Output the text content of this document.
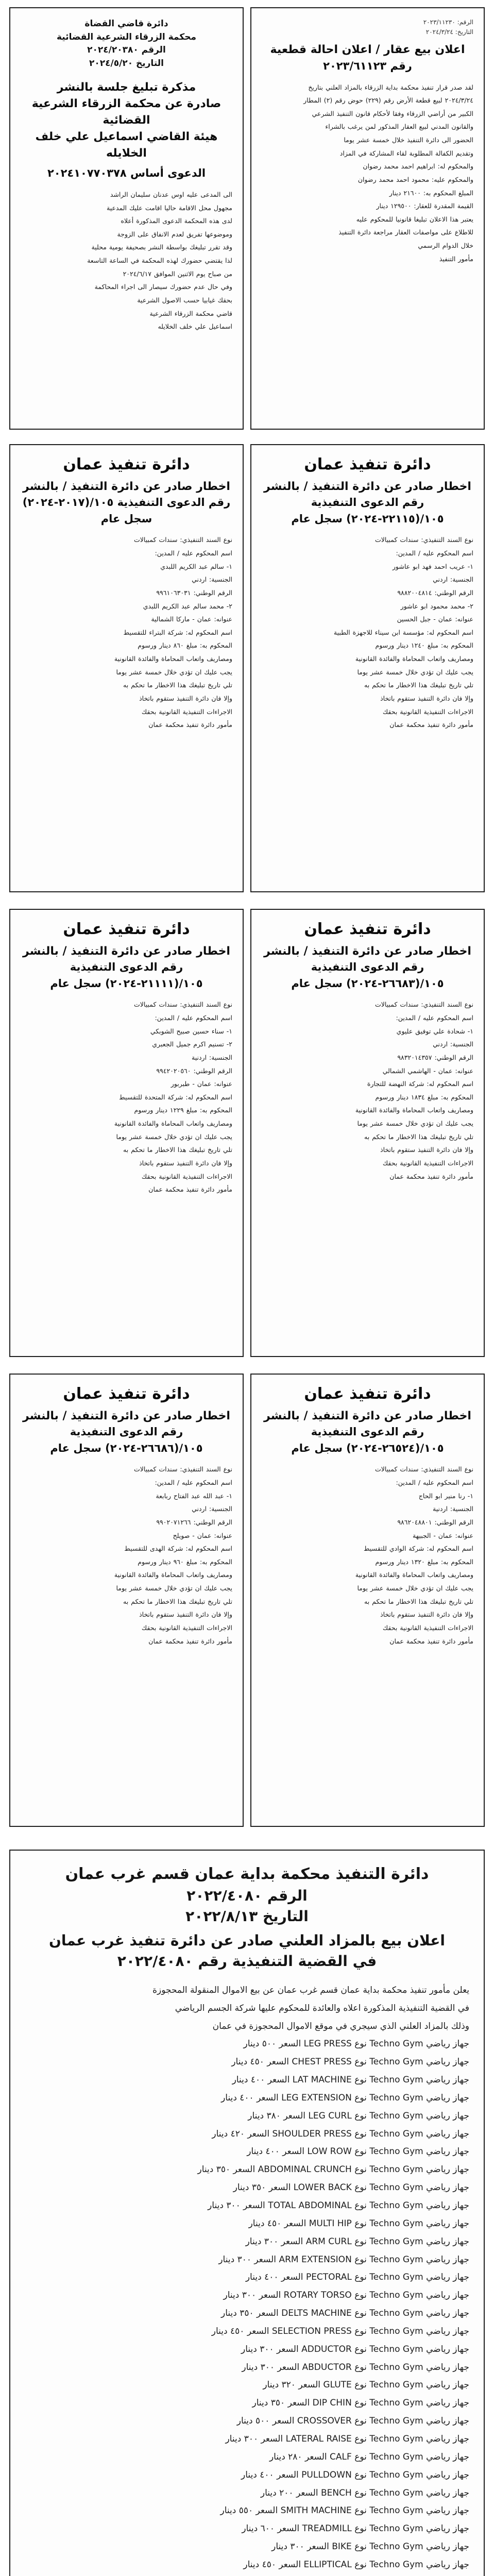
الرقم: ٢٠٢٣/١١٢٣٠
التاريخ: ٢٠٢٤/٣/٢٤
اعلان بيع عقار / اعلان احالة قطعية
رقم ٢٠٢٣/٦١١٢٣
لقد صدر قرار تنفيذ محكمة بداية الزرقاء بالمزاد العلني بتاريخ
٢٠٢٤/٣/٢٤ لبيع قطعة الأرض رقم (٢٢٩) حوض رقم (٢) المطار
الكبير من أراضي الزرقاء وفقا لأحكام قانون التنفيذ الشرعي
والقانون المدني لبيع العقار المذكور لمن يرغب بالشراء
الحضور الى دائرة التنفيذ خلال خمسة عشر يوما
وتقديم الكفالة المطلوبة لقاء المشاركة في المزاد
والمحكوم له: ابراهيم احمد محمد رضوان
والمحكوم عليه: محمود احمد محمد رضوان
المبلغ المحكوم به: ٢١٦٠٠ دينار
القيمة المقدرة للعقار: ١٢٩٥٠٠ دينار
يعتبر هذا الاعلان تبليغا قانونيا للمحكوم عليه
للاطلاع على مواصفات العقار مراجعة دائرة التنفيذ
خلال الدوام الرسمي
مأمور التنفيذ
دائرة قاضي القضاة
محكمة الزرقاء الشرعية القضائية
الرقم ٢٠٢٤/٢٠٣٨٠
التاريخ ٢٠٢٤/٥/٢٠
مذكرة تبليغ جلسة بالنشر
صادرة عن محكمة الزرقاء الشرعية القضائية
هيئة القاضي اسماعيل علي خلف الخلايله
الدعوى أساس ٢٠٢٤١٠٧٧٠٣٧٨
الى المدعى عليه اوس عدنان سليمان الراشد
مجهول محل الاقامة حاليا اقامت عليك المدعية
لدى هذه المحكمة الدعوى المذكورة أعلاه
وموضوعها تفريق لعدم الانفاق على الزوجة
وقد تقرر تبليغك بواسطة النشر بصحيفة يومية محلية
لذا يقتضي حضورك لهذه المحكمة في الساعة التاسعة
من صباح يوم الاثنين الموافق ٢٠٢٤/٦/١٧
وفي حال عدم حضورك سيصار الى اجراء المحاكمة
بحقك غيابيا حسب الاصول الشرعية
قاضي محكمة الزرقاء الشرعية
اسماعيل علي خلف الخلايله
دائرة تنفيذ عمان
اخطار صادر عن دائرة التنفيذ / بالنشر
رقم الدعوى التنفيذية ١٠٥/(٢٢١١٥-٢٠٢٤) سجل عام
نوع السند التنفيذي: سندات كمبيالات
اسم المحكوم عليه / المدين:
١- عريب احمد فهد ابو عاشور
الجنسية: اردني
الرقم الوطني: ٩٨٨٢٠٠٤٨١٤
٢- محمد محمود ابو عاشور
عنوانه: عمان - جبل الحسين
اسم المحكوم له: مؤسسة ابن سيناء للاجهزة الطبية
المحكوم به: مبلغ ١٢٤٠ دينار ورسوم
ومصاريف واتعاب المحاماة والفائدة القانونية
يجب عليك ان تؤدي خلال خمسة عشر يوما
تلي تاريخ تبليغك هذا الاخطار ما تحكم به
وإلا فان دائرة التنفيذ ستقوم باتخاذ
الاجراءات التنفيذية القانونية بحقك
مأمور دائرة تنفيذ محكمة عمان
دائرة تنفيذ عمان
اخطار صادر عن دائرة التنفيذ / بالنشر
رقم الدعوى التنفيذية ١٠٥/(٢٠١٧-٢٠٢٤) سجل عام
نوع السند التنفيذي: سندات كمبيالات
اسم المحكوم عليه / المدين:
١- سالم عبد الكريم اللبدي
الجنسية: اردني
الرقم الوطني: ٩٩٦١٠٦٣٠٣١
٢- محمد سالم عبد الكريم اللبدي
عنوانه: عمان - ماركا الشمالية
اسم المحكوم له: شركة البتراء للتقسيط
المحكوم به: مبلغ ٨٦٠ دينار ورسوم
ومصاريف واتعاب المحاماة والفائدة القانونية
يجب عليك ان تؤدي خلال خمسة عشر يوما
تلي تاريخ تبليغك هذا الاخطار ما تحكم به
وإلا فان دائرة التنفيذ ستقوم باتخاذ
الاجراءات التنفيذية القانونية بحقك
مأمور دائرة تنفيذ محكمة عمان
دائرة تنفيذ عمان
اخطار صادر عن دائرة التنفيذ / بالنشر
رقم الدعوى التنفيذية ١٠٥/(٢٦٦٨٣-٢٠٢٤) سجل عام
نوع السند التنفيذي: سندات كمبيالات
اسم المحكوم عليه / المدين:
١- شحادة علي توفيق عليوي
الجنسية: اردني
الرقم الوطني: ٩٨٣٢٠١٤٣٥٧
عنوانه: عمان - الهاشمي الشمالي
اسم المحكوم له: شركة النهضة للتجارة
المحكوم به: مبلغ ١٨٣٤ دينار ورسوم
ومصاريف واتعاب المحاماة والفائدة القانونية
يجب عليك ان تؤدي خلال خمسة عشر يوما
تلي تاريخ تبليغك هذا الاخطار ما تحكم به
وإلا فان دائرة التنفيذ ستقوم باتخاذ
الاجراءات التنفيذية القانونية بحقك
مأمور دائرة تنفيذ محكمة عمان
دائرة تنفيذ عمان
اخطار صادر عن دائرة التنفيذ / بالنشر
رقم الدعوى التنفيذية ١٠٥/(٢١١١١-٢٠٢٤) سجل عام
نوع السند التنفيذي: سندات كمبيالات
اسم المحكوم عليه / المدين:
١- سناء حسين صبيح الشوبكي
٢- تسنيم اكرم جميل الجعبري
الجنسية: اردنية
الرقم الوطني: ٩٩٤٢٠٢٠٥٦٠
عنوانه: عمان - طبربور
اسم المحكوم له: شركة المتحدة للتقسيط
المحكوم به: مبلغ ١٢٢٩ دينار ورسوم
ومصاريف واتعاب المحاماة والفائدة القانونية
يجب عليك ان تؤدي خلال خمسة عشر يوما
تلي تاريخ تبليغك هذا الاخطار ما تحكم به
وإلا فان دائرة التنفيذ ستقوم باتخاذ
الاجراءات التنفيذية القانونية بحقك
مأمور دائرة تنفيذ محكمة عمان
دائرة تنفيذ عمان
اخطار صادر عن دائرة التنفيذ / بالنشر
رقم الدعوى التنفيذية ١٠٥/(٢٦٥٢٤-٢٠٢٤) سجل عام
نوع السند التنفيذي: سندات كمبيالات
اسم المحكوم عليه / المدين:
١- رنا منير ابو الحاج
الجنسية: اردنية
الرقم الوطني: ٩٨٦٢٠٤٨٨٠١
عنوانه: عمان - الجبيهة
اسم المحكوم له: شركة الوادي للتقسيط
المحكوم به: مبلغ ١٣٢٠ دينار ورسوم
ومصاريف واتعاب المحاماة والفائدة القانونية
يجب عليك ان تؤدي خلال خمسة عشر يوما
تلي تاريخ تبليغك هذا الاخطار ما تحكم به
وإلا فان دائرة التنفيذ ستقوم باتخاذ
الاجراءات التنفيذية القانونية بحقك
مأمور دائرة تنفيذ محكمة عمان
دائرة تنفيذ عمان
اخطار صادر عن دائرة التنفيذ / بالنشر
رقم الدعوى التنفيذية ١٠٥/(٢٦٦٨٦-٢٠٢٤) سجل عام
نوع السند التنفيذي: سندات كمبيالات
اسم المحكوم عليه / المدين:
١- عبد الله عبد الفتاح ربابعة
الجنسية: اردني
الرقم الوطني: ٩٩٠٢٠٧١٢٦٦
عنوانه: عمان - صويلح
اسم المحكوم له: شركة الهدى للتقسيط
المحكوم به: مبلغ ٩٦٠ دينار ورسوم
ومصاريف واتعاب المحاماة والفائدة القانونية
يجب عليك ان تؤدي خلال خمسة عشر يوما
تلي تاريخ تبليغك هذا الاخطار ما تحكم به
وإلا فان دائرة التنفيذ ستقوم باتخاذ
الاجراءات التنفيذية القانونية بحقك
مأمور دائرة تنفيذ محكمة عمان
دائرة التنفيذ محكمة بداية عمان قسم غرب عمان
الرقم ٢٠٢٢/٤٠٨٠
التاريخ ٢٠٢٢/٨/١٣
اعلان بيع بالمزاد العلني صادر عن دائرة تنفيذ غرب عمان
في القضية التنفيذية رقم ٢٠٢٢/٤٠٨٠
يعلن مأمور تنفيذ محكمة بداية عمان قسم غرب عمان عن بيع الاموال المنقولة المحجوزة
في القضية التنفيذية المذكورة اعلاه والعائدة للمحكوم عليها شركة الجسم الرياضي
وذلك بالمزاد العلني الذي سيجري في موقع الاموال المحجوزة في عمان
جهاز رياضي Techno Gym نوع LEG PRESS السعر ٥٠٠ دينار
جهاز رياضي Techno Gym نوع CHEST PRESS السعر ٤٥٠ دينار
جهاز رياضي Techno Gym نوع LAT MACHINE السعر ٤٠٠ دينار
جهاز رياضي Techno Gym نوع LEG EXTENSION السعر ٤٠٠ دينار
جهاز رياضي Techno Gym نوع LEG CURL السعر ٣٨٠ دينار
جهاز رياضي Techno Gym نوع SHOULDER PRESS السعر ٤٢٠ دينار
جهاز رياضي Techno Gym نوع LOW ROW السعر ٤٠٠ دينار
جهاز رياضي Techno Gym نوع ABDOMINAL CRUNCH السعر ٣٥٠ دينار
جهاز رياضي Techno Gym نوع LOWER BACK السعر ٣٥٠ دينار
جهاز رياضي Techno Gym نوع TOTAL ABDOMINAL السعر ٣٠٠ دينار
جهاز رياضي Techno Gym نوع MULTI HIP السعر ٤٥٠ دينار
جهاز رياضي Techno Gym نوع ARM CURL السعر ٣٠٠ دينار
جهاز رياضي Techno Gym نوع ARM EXTENSION السعر ٣٠٠ دينار
جهاز رياضي Techno Gym نوع PECTORAL السعر ٤٠٠ دينار
جهاز رياضي Techno Gym نوع ROTARY TORSO السعر ٣٠٠ دينار
جهاز رياضي Techno Gym نوع DELTS MACHINE السعر ٣٥٠ دينار
جهاز رياضي Techno Gym نوع SELECTION PRESS السعر ٤٥٠ دينار
جهاز رياضي Techno Gym نوع ADDUCTOR السعر ٣٠٠ دينار
جهاز رياضي Techno Gym نوع ABDUCTOR السعر ٣٠٠ دينار
جهاز رياضي Techno Gym نوع GLUTE السعر ٣٢٠ دينار
جهاز رياضي Techno Gym نوع DIP CHIN السعر ٣٥٠ دينار
جهاز رياضي Techno Gym نوع CROSSOVER السعر ٥٠٠ دينار
جهاز رياضي Techno Gym نوع LATERAL RAISE السعر ٣٠٠ دينار
جهاز رياضي Techno Gym نوع CALF السعر ٢٨٠ دينار
جهاز رياضي Techno Gym نوع PULLDOWN السعر ٤٠٠ دينار
جهاز رياضي Techno Gym نوع BENCH السعر ٢٠٠ دينار
جهاز رياضي Techno Gym نوع SMITH MACHINE السعر ٥٥٠ دينار
جهاز رياضي Techno Gym نوع TREADMILL السعر ٦٠٠ دينار
جهاز رياضي Techno Gym نوع BIKE السعر ٣٠٠ دينار
جهاز رياضي Techno Gym نوع ELLIPTICAL السعر ٤٥٠ دينار
